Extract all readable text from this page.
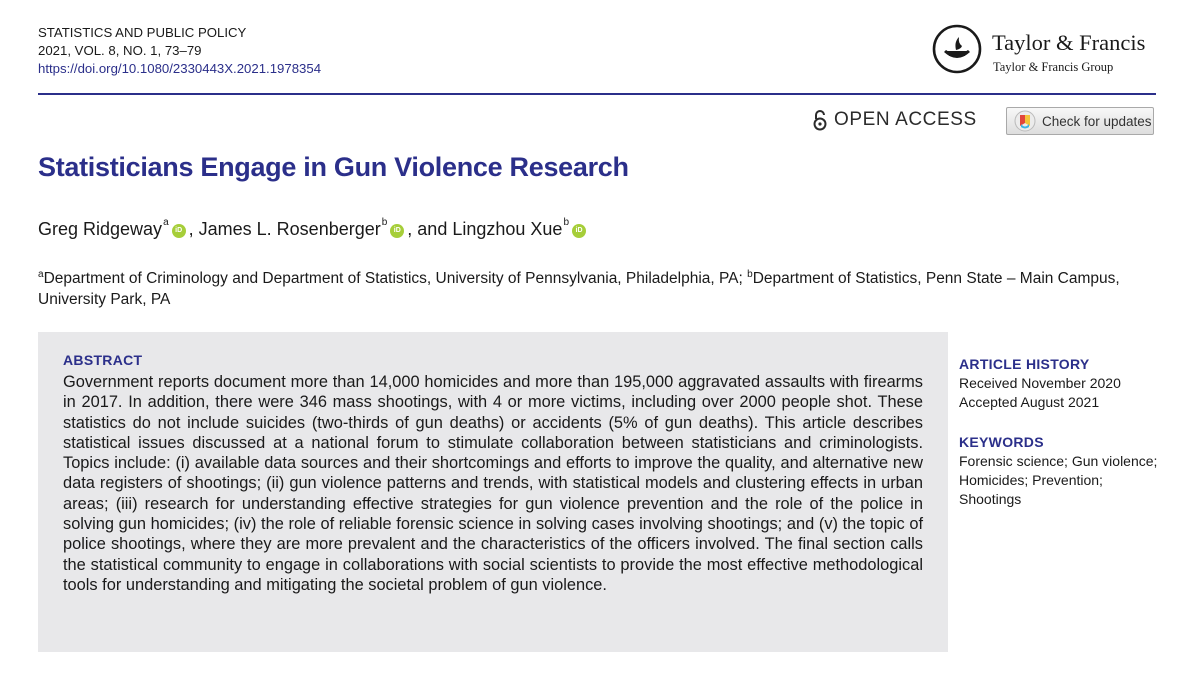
STATISTICS AND PUBLIC POLICY
2021, VOL. 8, NO. 1, 73–79
https://doi.org/10.1080/2330443X.2021.1978354
Taylor & Francis
Taylor & Francis Group
OPEN ACCESS	Check for updates
Statisticians Engage in Gun Violence Research
Greg Ridgeway$^a$
iD , James L. Rosenberger$^b$
iD , and Lingzhou Xue$^b$
iD
$^a$Department of Criminology and Department of Statistics, University of Pennsylvania, Philadelphia, PA; $^b$Department of Statistics, Penn State – Main Campus, University Park, PA
ABSTRACT
Government reports document more than 14,000 homicides and more than 195,000 aggravated assaults with firearms in 2017. In addition, there were 346 mass shootings, with 4 or more victims, including over 2000 people shot. These statistics do not include suicides (two-thirds of gun deaths) or accidents (5% of gun deaths). This article describes statistical issues discussed at a national forum to stimulate collaboration between statisticians and criminologists. Topics include: (i) available data sources and their shortcomings and efforts to improve the quality, and alternative new data registers of shootings; (ii) gun violence patterns and trends, with statistical models and clustering effects in urban areas; (iii) research for understanding effective strategies for gun violence prevention and the role of the police in solving gun homicides; (iv) the role of reliable forensic science in solving cases involving shootings; and (v) the topic of police shootings, where they are more prevalent and the characteristics of the officers involved. The final section calls the statistical community to engage in collaborations with social scientists to provide the most effective methodological tools for understanding and mitigating the societal problem of gun violence.
ARTICLE HISTORY
Received November 2020
Accepted August 2021
KEYWORDS
Forensic science; Gun violence; Homicides; Prevention; Shootings
